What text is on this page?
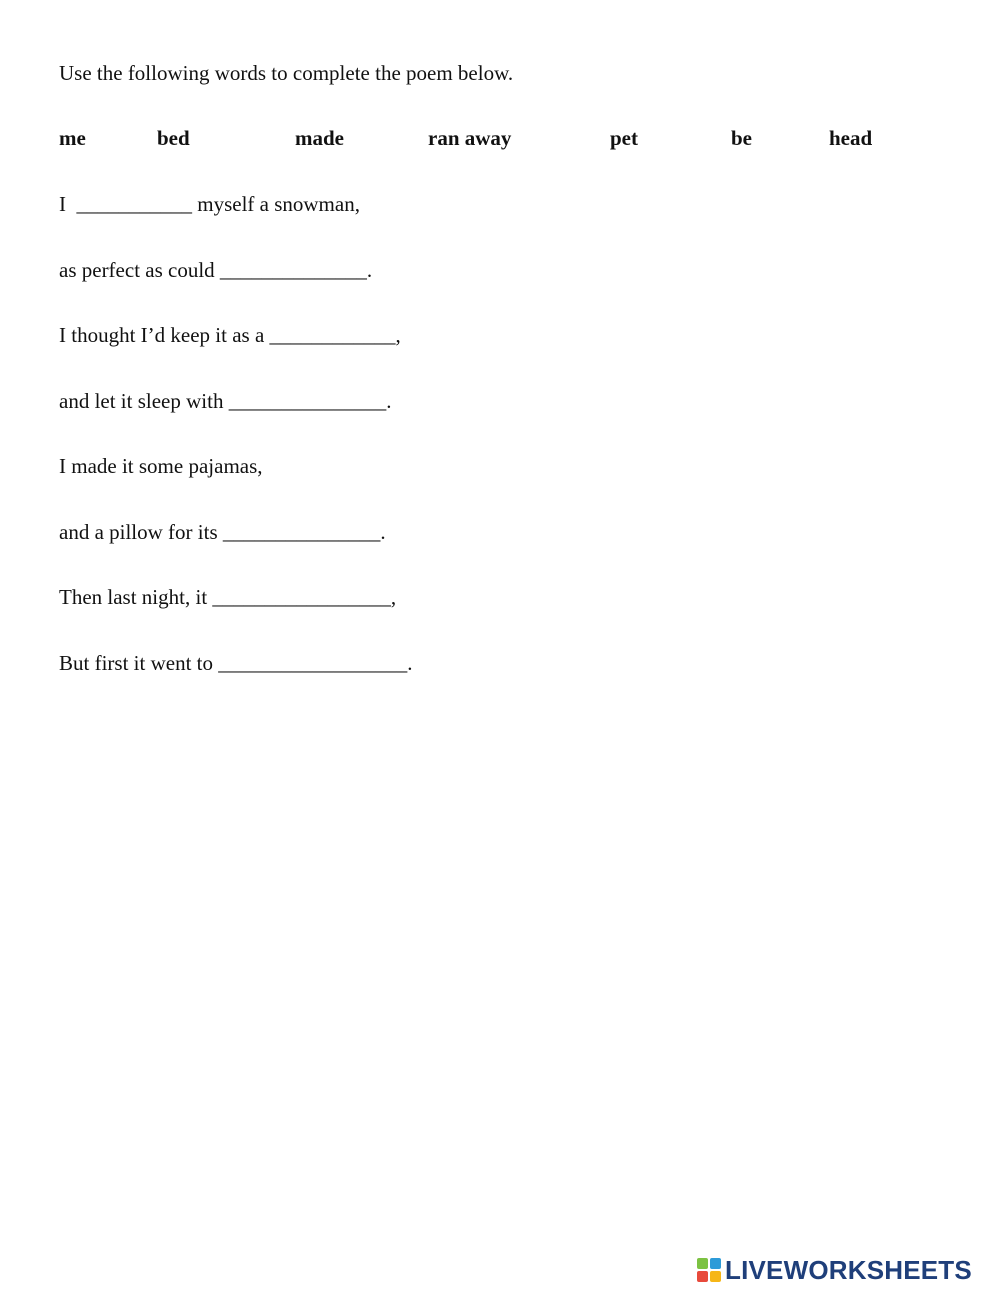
Use the following words to complete the poem below.
me	bed	made	ran away	pet	be	head
I  ___________ myself a snowman,
as perfect as could ______________.
I thought I’d keep it as a ____________,
and let it sleep with _______________.
I made it some pajamas,
and a pillow for its _______________.
Then last night, it _________________,
But first it went to __________________.
LIVEWORKSHEETS
